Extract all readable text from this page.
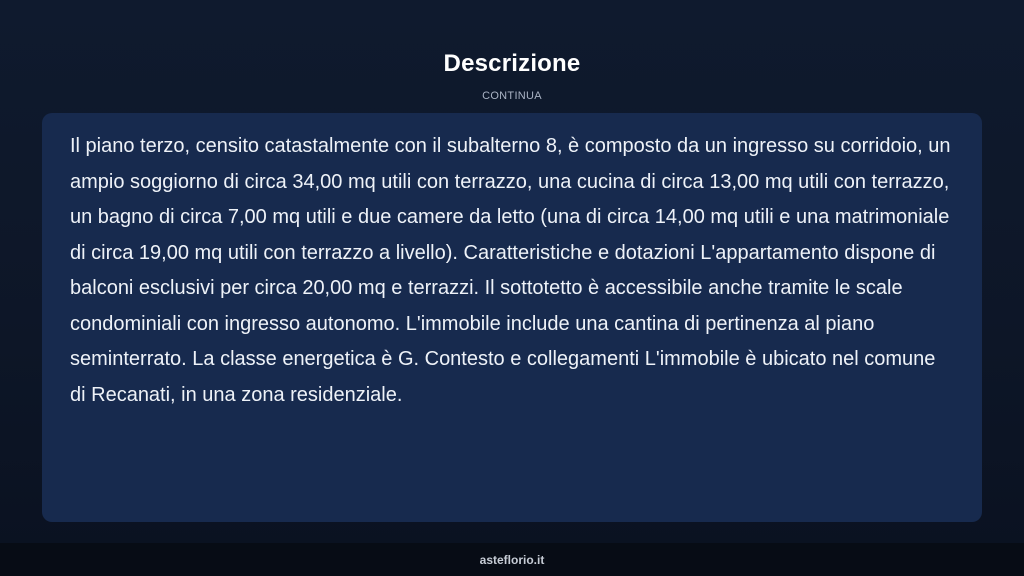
Descrizione
CONTINUA

Il piano terzo, censito catastalmente con il subalterno 8, è composto da un ingresso su corridoio, un ampio soggiorno di circa 34,00 mq utili con terrazzo, una cucina di circa 13,00 mq utili con terrazzo, un bagno di circa 7,00 mq utili e due camere da letto (una di circa 14,00 mq utili e una matrimoniale di circa 19,00 mq utili con terrazzo a livello). Caratteristiche e dotazioni L'appartamento dispone di balconi esclusivi per circa 20,00 mq e terrazzi. Il sottotetto è accessibile anche tramite le scale condominiali con ingresso autonomo. L'immobile include una cantina di pertinenza al piano seminterrato. La classe energetica è G. Contesto e collegamenti L'immobile è ubicato nel comune di Recanati, in una zona residenziale.

asteflorio.it
